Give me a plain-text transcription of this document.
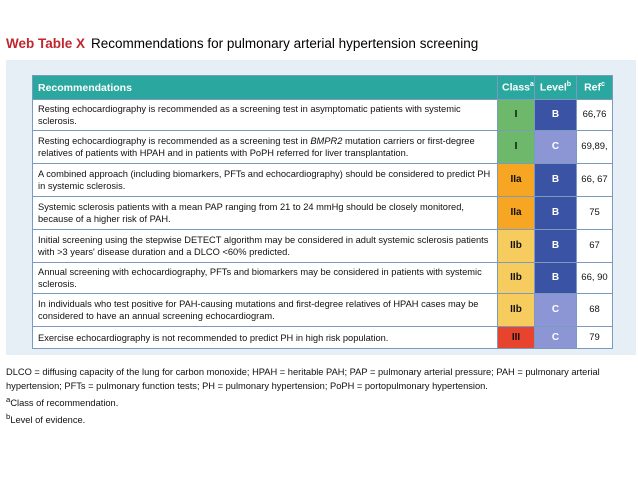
Web Table X Recommendations for pulmonary arterial hypertension screening
Recommendations	Class$^a$	Level$^b$	Ref$^c$
Resting echocardiography is recommended as a screening test in asymptomatic patients with systemic sclerosis.	I	B	66,76
Resting echocardiography is recommended as a screening test in BMPR2 mutation carriers or first-degree relatives of patients with HPAH and in patients with PoPH referred for liver transplantation.	I	C	69,89,
A combined approach (including biomarkers, PFTs and echocardiography) should be considered to predict PH in systemic sclerosis.	IIa	B	66, 67
Systemic sclerosis patients with a mean PAP ranging from 21 to 24 mmHg should be closely monitored, because of a higher risk of PAH.	IIa	B	75
Initial screening using the stepwise DETECT algorithm may be considered in adult systemic sclerosis patients with >3 years' disease duration and a DLCO <60% predicted.	IIb	B	67
Annual screening with echocardiography, PFTs and biomarkers may be considered in patients with systemic sclerosis.	IIb	B	66, 90
In individuals who test positive for PAH-causing mutations and first-degree relatives of HPAH cases may be considered to have an annual screening echocardiogram.	IIb	C	68
Exercise echocardiography is not recommended to predict PH in high risk population.	III	C	79
DLCO = diffusing capacity of the lung for carbon monoxide; HPAH = heritable PAH; PAP = pulmonary arterial pressure; PAH = pulmonary arterial hypertension; PFTs = pulmonary function tests; PH = pulmonary hypertension; PoPH = portopulmonary hypertension.
$^a$Class of recommendation.
$^b$Level of evidence.
